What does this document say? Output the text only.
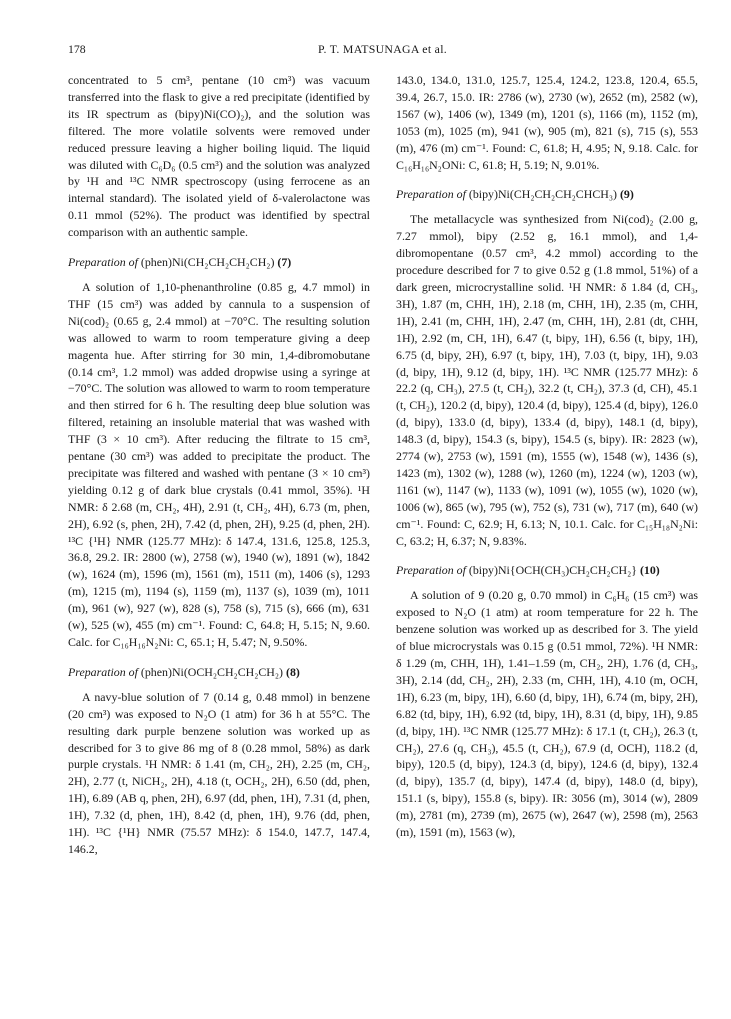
178	P. T. MATSUNAGA et al.

concentrated to 5 cm³, pentane (10 cm³) was vacuum transferred into the flask to give a red precipitate (identified by its IR spectrum as (bipy)Ni(CO)₂), and the solution was filtered. The more volatile solvents were removed under reduced pressure leaving a higher boiling liquid. The liquid was diluted with C₆D₆ (0.5 cm³) and the solution was analyzed by ¹H and ¹³C NMR spectroscopy (using ferrocene as an internal standard). The isolated yield of δ-valerolactone was 0.11 mmol (52%). The product was identified by spectral comparison with an authentic sample.

Preparation of (phen)Ni(CH₂CH₂CH₂CH₂) (7)

A solution of 1,10-phenanthroline (0.85 g, 4.7 mmol) in THF (15 cm³) was added by cannula to a suspension of Ni(cod)₂ (0.65 g, 2.4 mmol) at −70°C. The resulting solution was allowed to warm to room temperature giving a deep magenta hue. After stirring for 30 min, 1,4-dibromobutane (0.14 cm³, 1.2 mmol) was added dropwise using a syringe at −70°C. The solution was allowed to warm to room temperature and then stirred for 6 h. The resulting deep blue solution was filtered, retaining an insoluble material that was washed with THF (3 × 10 cm³). After reducing the filtrate to 15 cm³, pentane (30 cm³) was added to precipitate the product. The precipitate was filtered and washed with pentane (3 × 10 cm³) yielding 0.12 g of dark blue crystals (0.41 mmol, 35%). ¹H NMR: δ 2.68 (m, CH₂, 4H), 2.91 (t, CH₂, 4H), 6.73 (m, phen, 2H), 6.92 (s, phen, 2H), 7.42 (d, phen, 2H), 9.25 (d, phen, 2H). ¹³C {¹H} NMR (125.77 MHz): δ 147.4, 131.6, 125.8, 125.3, 36.8, 29.2. IR: 2800 (w), 2758 (w), 1940 (w), 1891 (w), 1842 (w), 1624 (m), 1596 (m), 1561 (m), 1511 (m), 1406 (s), 1293 (m), 1215 (m), 1194 (s), 1159 (m), 1137 (s), 1039 (m), 1011 (m), 961 (w), 927 (w), 828 (s), 758 (s), 715 (s), 666 (m), 631 (w), 525 (w), 455 (m) cm⁻¹. Found: C, 64.8; H, 5.15; N, 9.60. Calc. for C₁₆H₁₆N₂Ni: C, 65.1; H, 5.47; N, 9.50%.

Preparation of (phen)Ni(OCH₂CH₂CH₂CH₂) (8)

A navy-blue solution of 7 (0.14 g, 0.48 mmol) in benzene (20 cm³) was exposed to N₂O (1 atm) for 36 h at 55°C. The resulting dark purple benzene solution was worked up as described for 3 to give 86 mg of 8 (0.28 mmol, 58%) as dark purple crystals. ¹H NMR: δ 1.41 (m, CH₂, 2H), 2.25 (m, CH₂, 2H), 2.77 (t, NiCH₂, 2H), 4.18 (t, OCH₂, 2H), 6.50 (dd, phen, 1H), 6.89 (AB q, phen, 2H), 6.97 (dd, phen, 1H), 7.31 (d, phen, 1H), 7.32 (d, phen, 1H), 8.42 (d, phen, 1H), 9.76 (dd, phen, 1H). ¹³C {¹H} NMR (75.57 MHz): δ 154.0, 147.7, 147.4, 146.2,

143.0, 134.0, 131.0, 125.7, 125.4, 124.2, 123.8, 120.4, 65.5, 39.4, 26.7, 15.0. IR: 2786 (w), 2730 (w), 2652 (m), 2582 (w), 1567 (w), 1406 (w), 1349 (m), 1201 (s), 1166 (m), 1152 (m), 1053 (m), 1025 (m), 941 (w), 905 (m), 821 (s), 715 (s), 553 (m), 476 (m) cm⁻¹. Found: C, 61.8; H, 4.95; N, 9.18. Calc. for C₁₆H₁₆N₂ONi: C, 61.8; H, 5.19; N, 9.01%.

Preparation of (bipy)Ni(CH₂CH₂CH₂CHCH₃) (9)

The metallacycle was synthesized from Ni(cod)₂ (2.00 g, 7.27 mmol), bipy (2.52 g, 16.1 mmol), and 1,4-dibromopentane (0.57 cm³, 4.2 mmol) according to the procedure described for 7 to give 0.52 g (1.8 mmol, 51%) of a dark green, microcrystalline solid. ¹H NMR: δ 1.84 (d, CH₃, 3H), 1.87 (m, CHH, 1H), 2.18 (m, CHH, 1H), 2.35 (m, CHH, 1H), 2.41 (m, CHH, 1H), 2.47 (m, CHH, 1H), 2.81 (dt, CHH, 1H), 2.92 (m, CH, 1H), 6.47 (t, bipy, 1H), 6.56 (t, bipy, 1H), 6.75 (d, bipy, 2H), 6.97 (t, bipy, 1H), 7.03 (t, bipy, 1H), 9.03 (d, bipy, 1H), 9.12 (d, bipy, 1H). ¹³C NMR (125.77 MHz): δ 22.2 (q, CH₃), 27.5 (t, CH₂), 32.2 (t, CH₂), 37.3 (d, CH), 45.1 (t, CH₂), 120.2 (d, bipy), 120.4 (d, bipy), 125.4 (d, bipy), 126.0 (d, bipy), 133.0 (d, bipy), 133.4 (d, bipy), 148.1 (d, bipy), 148.3 (d, bipy), 154.3 (s, bipy), 154.5 (s, bipy). IR: 2823 (w), 2774 (w), 2753 (w), 1591 (m), 1555 (w), 1548 (w), 1436 (s), 1423 (m), 1302 (w), 1288 (w), 1260 (m), 1224 (w), 1203 (w), 1161 (w), 1147 (w), 1133 (w), 1091 (w), 1055 (w), 1020 (w), 1006 (w), 865 (w), 795 (w), 752 (s), 731 (w), 717 (m), 640 (w) cm⁻¹. Found: C, 62.9; H, 6.13; N, 10.1. Calc. for C₁₅H₁₈N₂Ni: C, 63.2; H, 6.37; N, 9.83%.

Preparation of (bipy)Ni{OCH(CH₃)CH₂CH₂CH₂} (10)

A solution of 9 (0.20 g, 0.70 mmol) in C₆H₆ (15 cm³) was exposed to N₂O (1 atm) at room temperature for 22 h. The benzene solution was worked up as described for 3. The yield of blue microcrystals was 0.15 g (0.51 mmol, 72%). ¹H NMR: δ 1.29 (m, CHH, 1H), 1.41–1.59 (m, CH₂, 2H), 1.76 (d, CH₃, 3H), 2.14 (dd, CH₂, 2H), 2.33 (m, CHH, 1H), 4.10 (m, OCH, 1H), 6.23 (m, bipy, 1H), 6.60 (d, bipy, 1H), 6.74 (m, bipy, 2H), 6.82 (td, bipy, 1H), 6.92 (td, bipy, 1H), 8.31 (d, bipy, 1H), 9.85 (d, bipy, 1H). ¹³C NMR (125.77 MHz): δ 17.1 (t, CH₂), 26.3 (t, CH₂), 27.6 (q, CH₃), 45.5 (t, CH₂), 67.9 (d, OCH), 118.2 (d, bipy), 120.5 (d, bipy), 124.3 (d, bipy), 124.6 (d, bipy), 132.4 (d, bipy), 135.7 (d, bipy), 147.4 (d, bipy), 148.0 (d, bipy), 151.1 (s, bipy), 155.8 (s, bipy). IR: 3056 (m), 3014 (w), 2809 (m), 2781 (m), 2739 (m), 2675 (w), 2647 (w), 2598 (m), 2563 (m), 1591 (m), 1563 (w),
